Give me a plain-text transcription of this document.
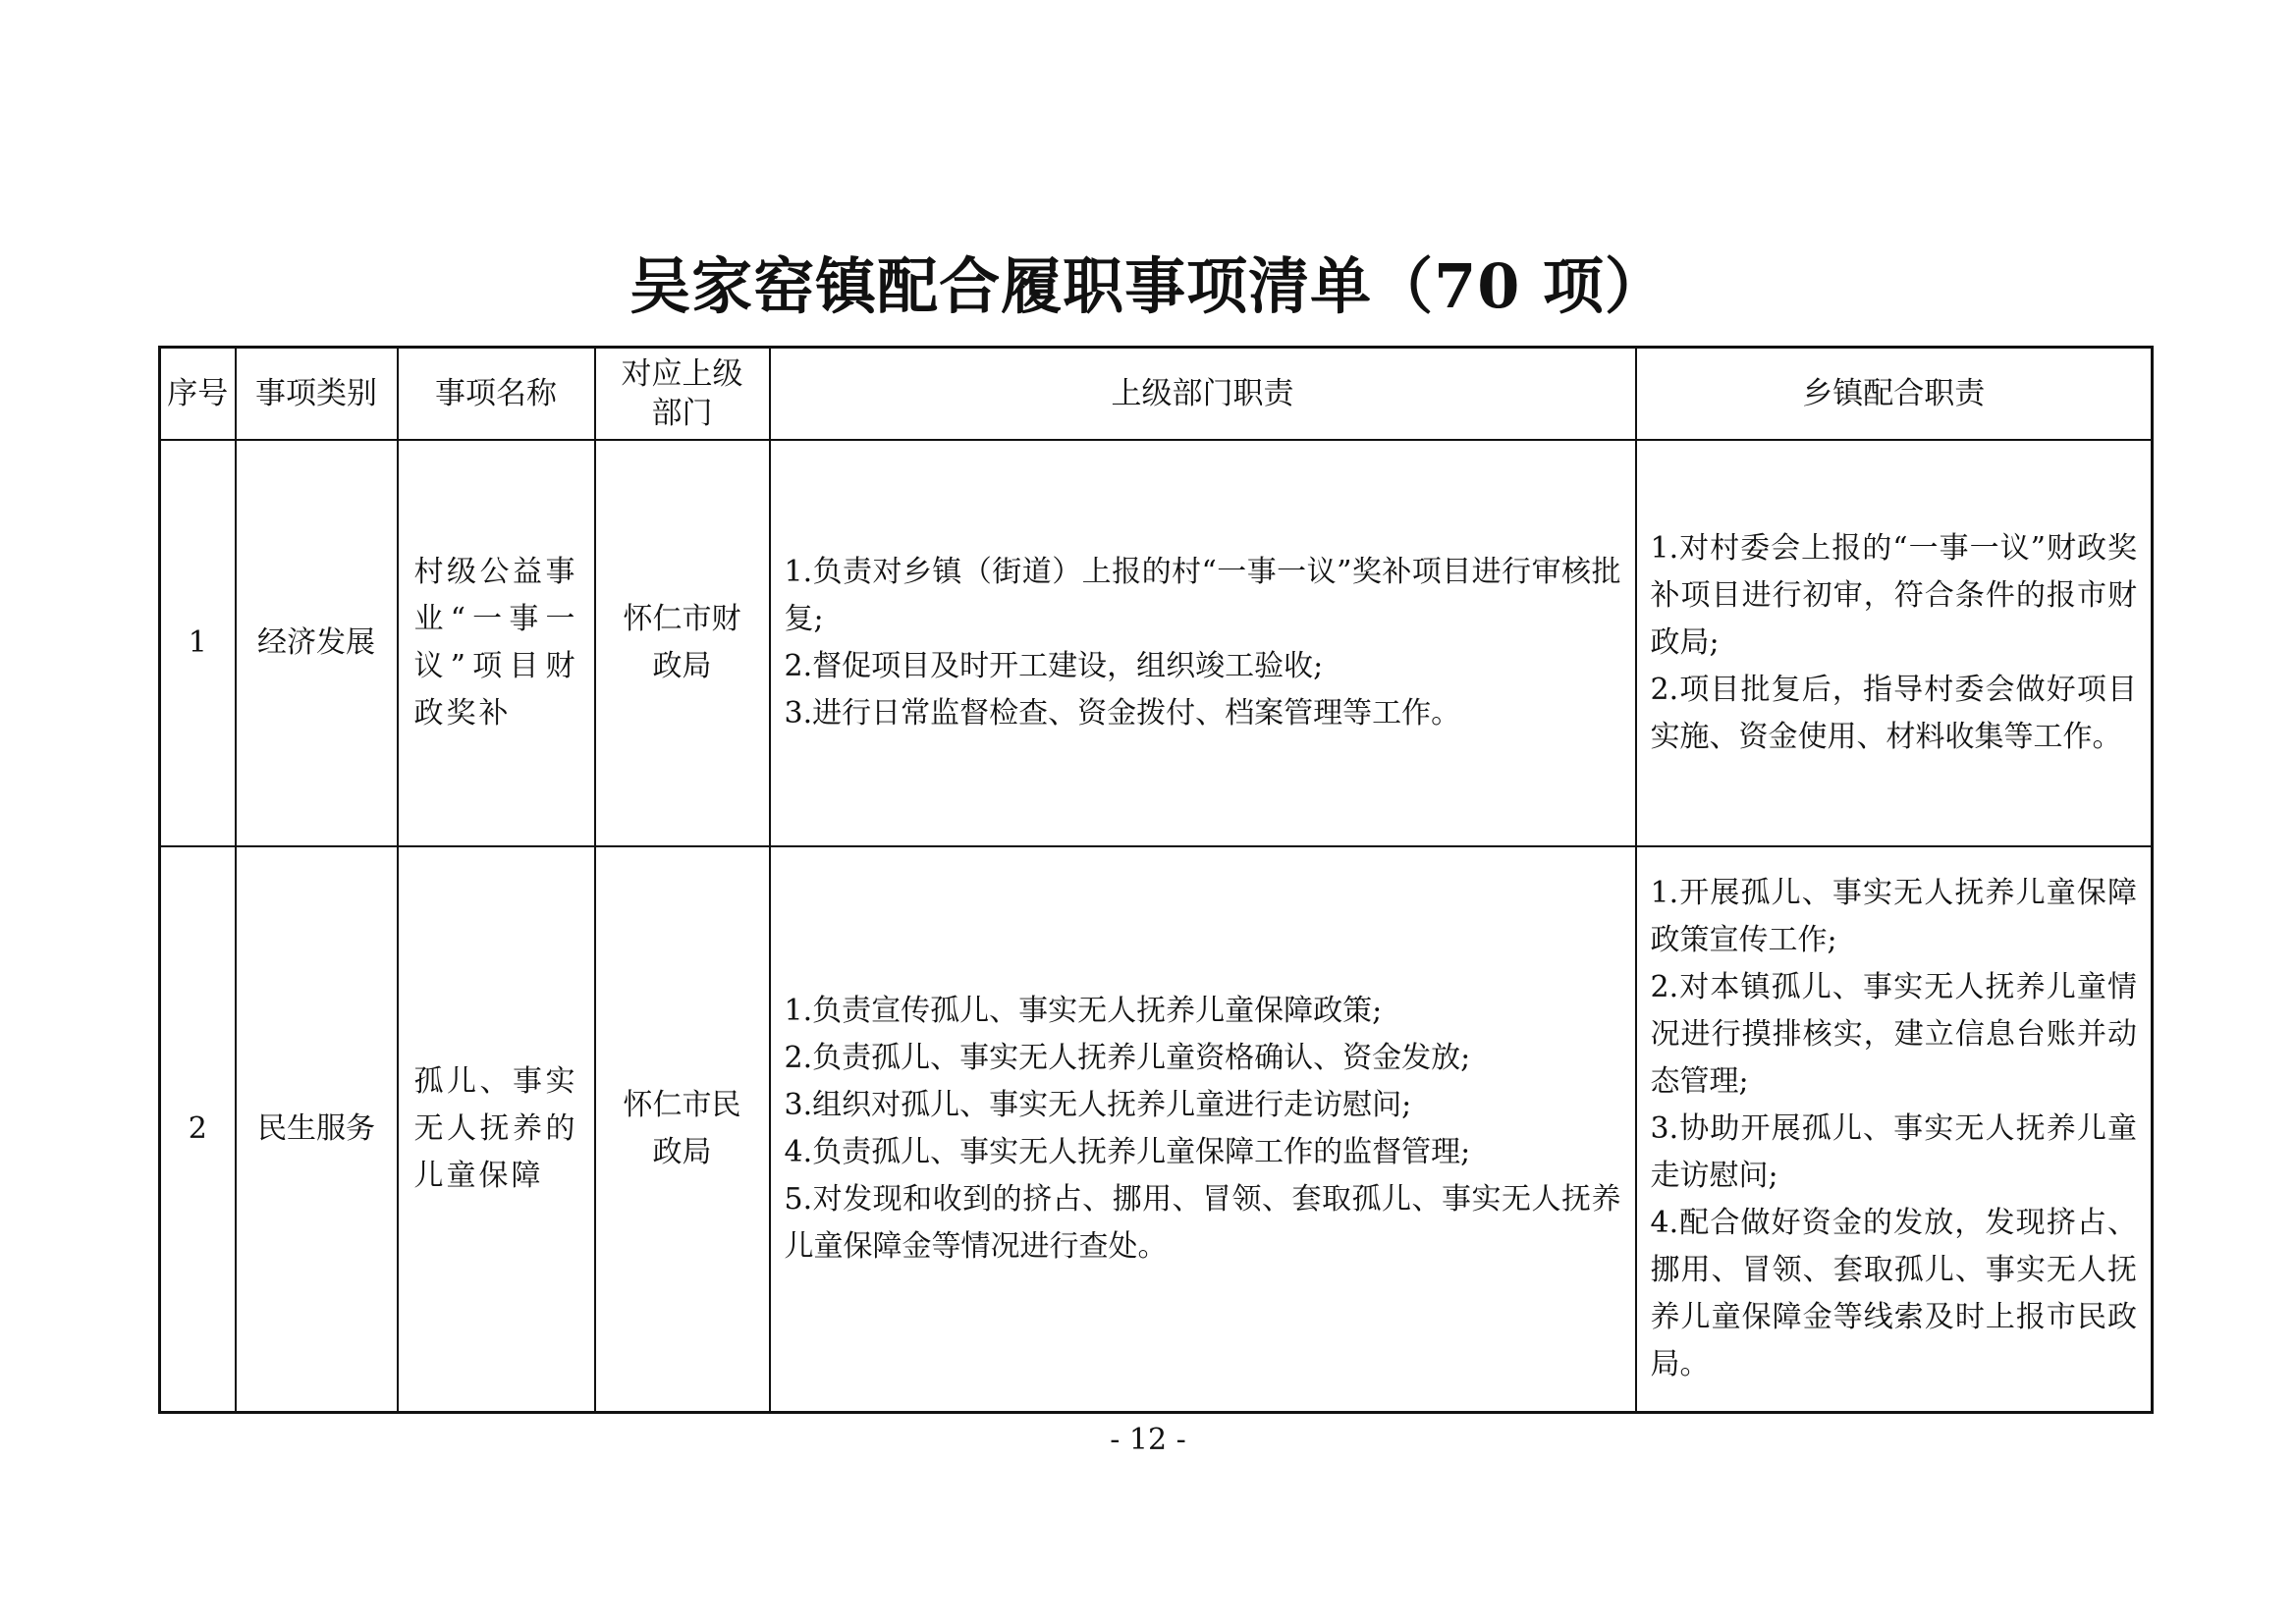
吴家窑镇配合履职事项清单（70 项）
序号	事项类别	事项名称	对应上级部门	上级部门职责	乡镇配合职责
1	经济发展	村级公益事业“一事一议”项目财政奖补	怀仁市财政局	1.负责对乡镇（街道）上报的村“一事一议”奖补项目进行审核批复;
2.督促项目及时开工建设，组织竣工验收;
3.进行日常监督检查、资金拨付、档案管理等工作。	1.对村委会上报的“一事一议”财政奖补项目进行初审，符合条件的报市财政局;
2.项目批复后，指导村委会做好项目实施、资金使用、材料收集等工作。

2	民生服务	孤儿、事实无人抚养的儿童保障	怀仁市民政局	1.负责宣传孤儿、事实无人抚养儿童保障政策;
2.负责孤儿、事实无人抚养儿童资格确认、资金发放;
3.组织对孤儿、事实无人抚养儿童进行走访慰问;
4.负责孤儿、事实无人抚养儿童保障工作的监督管理;
5.对发现和收到的挤占、挪用、冒领、套取孤儿、事实无人抚养儿童保障金等情况进行查处。	1.开展孤儿、事实无人抚养儿童保障政策宣传工作;
2.对本镇孤儿、事实无人抚养儿童情况进行摸排核实，建立信息台账并动态管理;
3.协助开展孤儿、事实无人抚养儿童走访慰问;
4.配合做好资金的发放，发现挤占、挪用、冒领、套取孤儿、事实无人抚养儿童保障金等线索及时上报市民政局。
- 12 -
